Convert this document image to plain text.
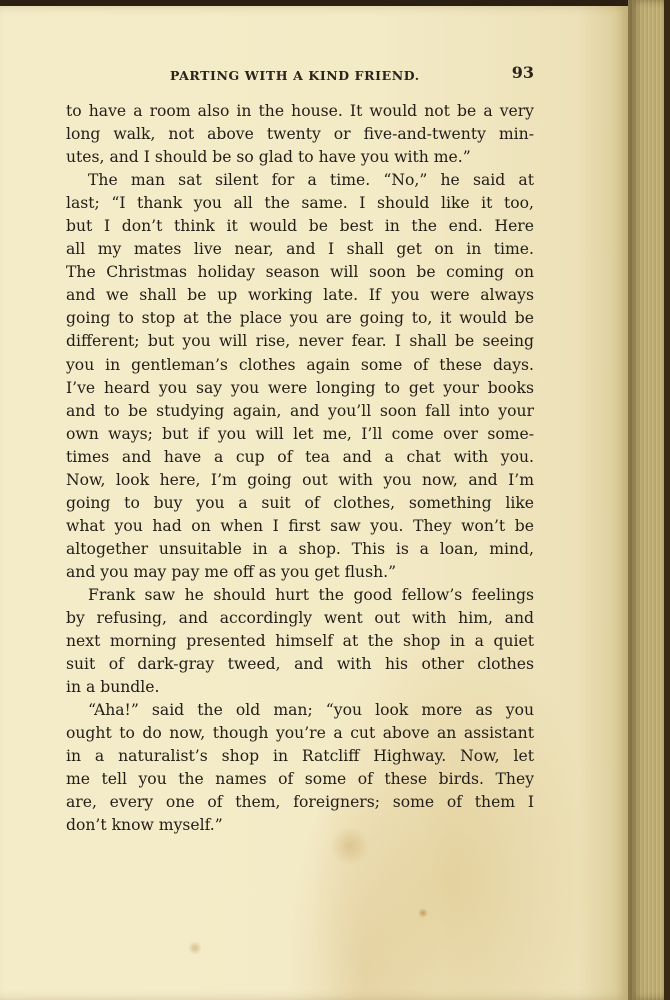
PARTING WITH A KIND FRIEND.	93
to have a room also in the house. It would not be a very
long walk, not above twenty or five-and-twenty min-
utes, and I should be so glad to have you with me.”
The man sat silent for a time. “No,” he said at
last; “I thank you all the same. I should like it too,
but I don’t think it would be best in the end. Here
all my mates live near, and I shall get on in time.
The Christmas holiday season will soon be coming on
and we shall be up working late. If you were always
going to stop at the place you are going to, it would be
different; but you will rise, never fear. I shall be seeing
you in gentleman’s clothes again some of these days.
I’ve heard you say you were longing to get your books
and to be studying again, and you’ll soon fall into your
own ways; but if you will let me, I’ll come over some-
times and have a cup of tea and a chat with you.
Now, look here, I’m going out with you now, and I’m
going to buy you a suit of clothes, something like
what you had on when I first saw you. They won’t be
altogether unsuitable in a shop. This is a loan, mind,
and you may pay me off as you get flush.”
Frank saw he should hurt the good fellow’s feelings
by refusing, and accordingly went out with him, and
next morning presented himself at the shop in a quiet
suit of dark-gray tweed, and with his other clothes
in a bundle.
“Aha!” said the old man; “you look more as you
ought to do now, though you’re a cut above an assistant
in a naturalist’s shop in Ratcliff Highway. Now, let
me tell you the names of some of these birds. They
are, every one of them, foreigners; some of them I
don’t know myself.”
